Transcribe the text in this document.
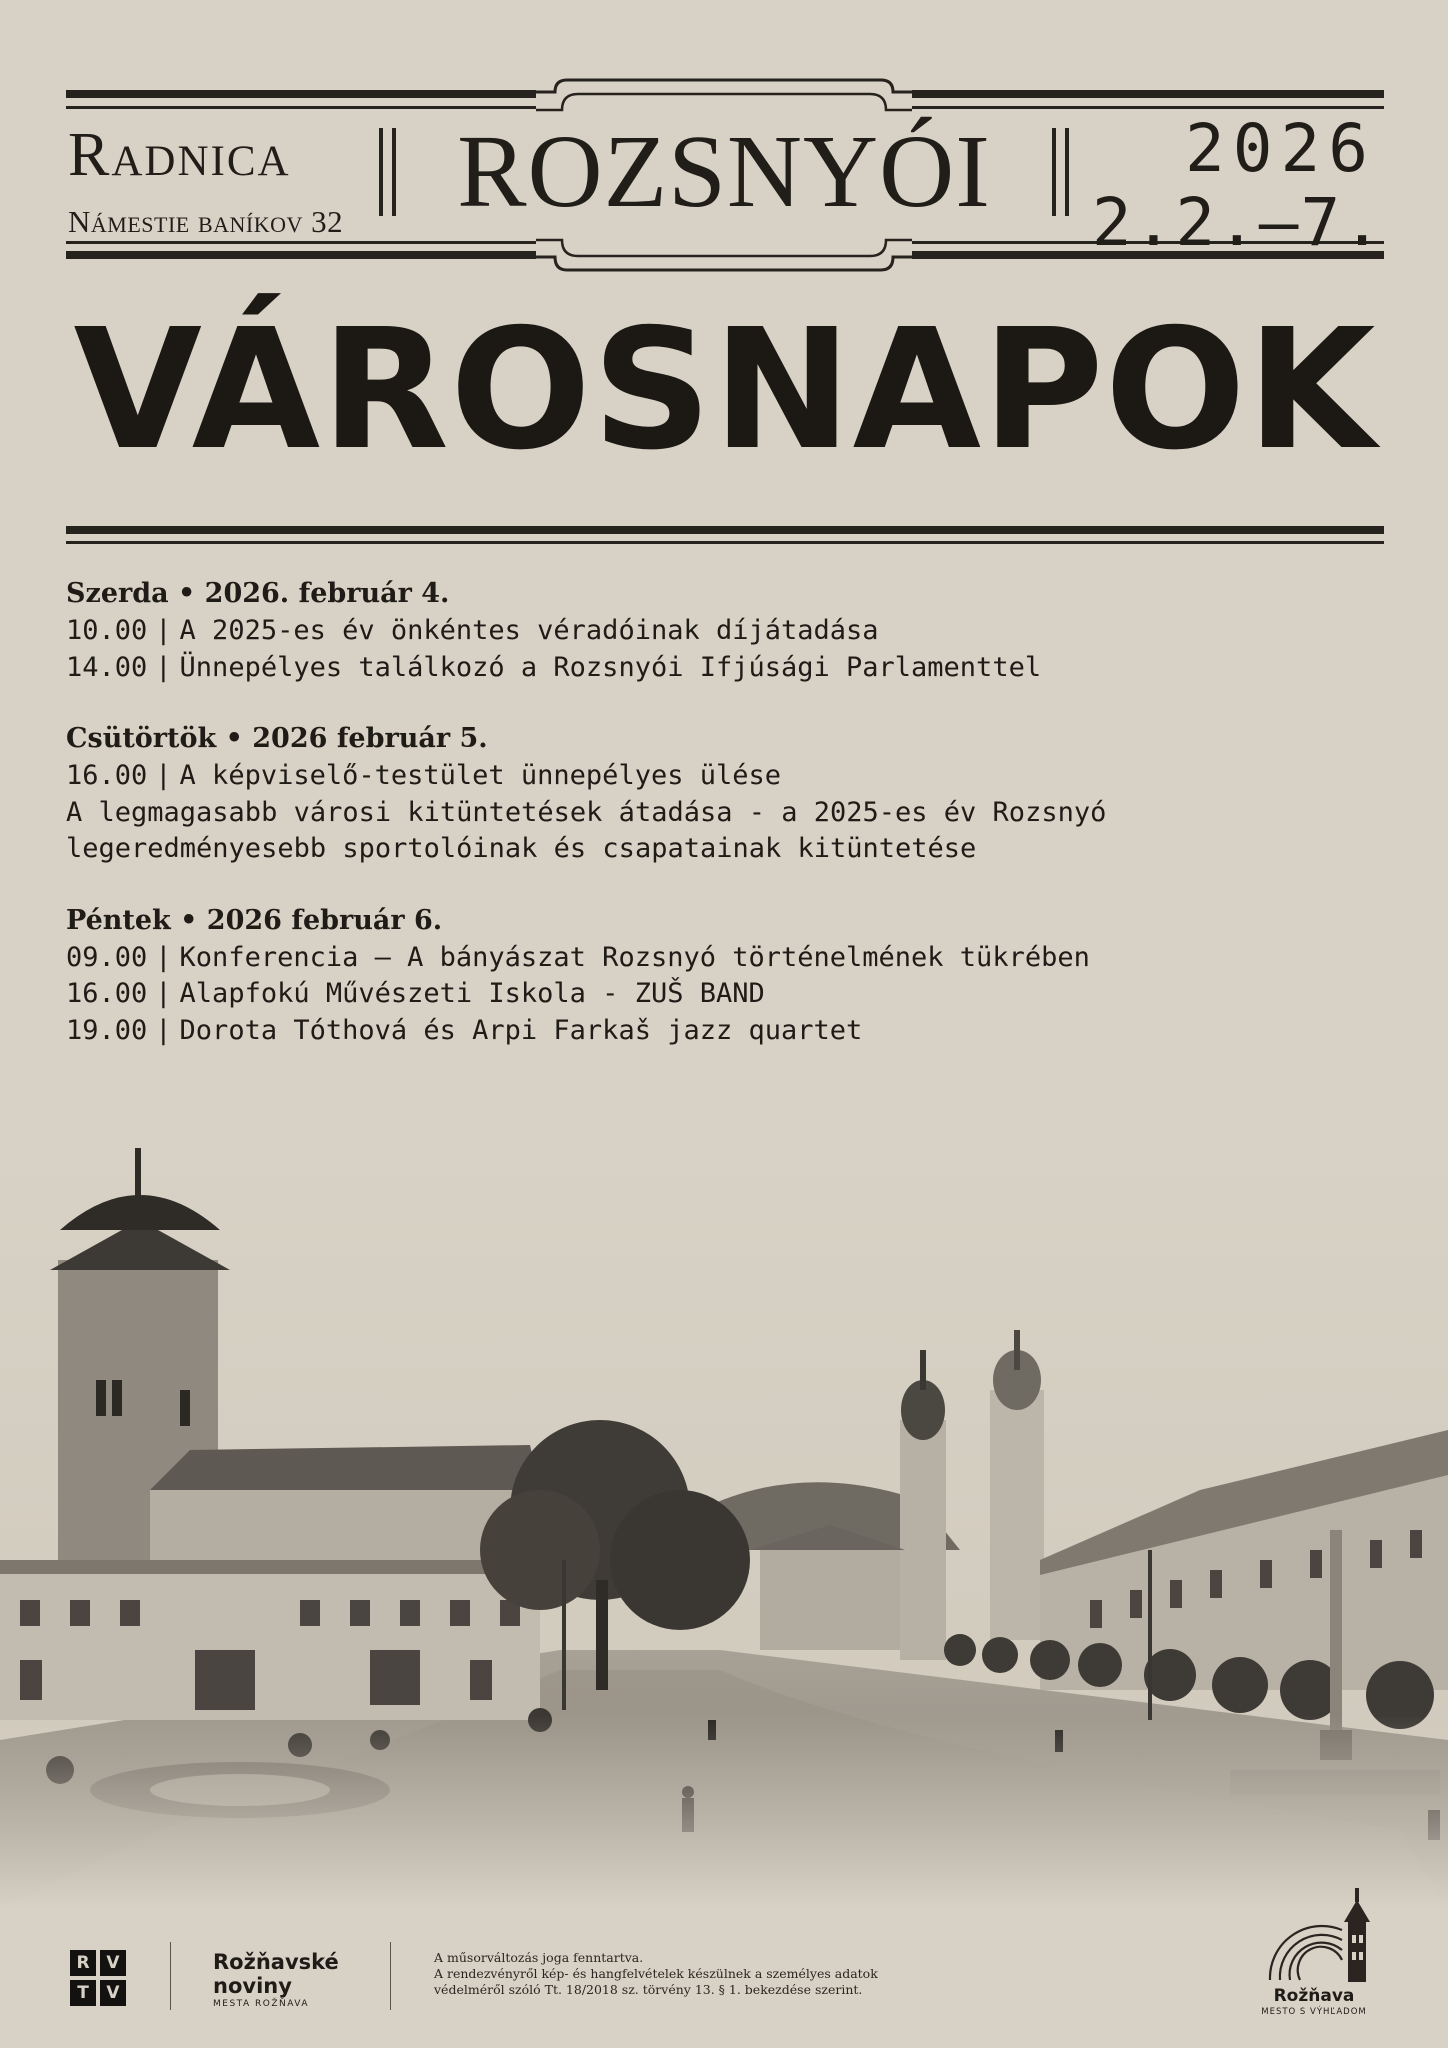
Radnica
Námestie baníkov 32	ROZSNYÓI	2026
2.2.–7.
VÁROSNAPOK
Szerda • 2026. február 4.
10.00 | A 2025-es év önkéntes véradóinak díjátadása
14.00 | Ünnepélyes találkozó a Rozsnyói Ifjúsági Parlamenttel
Csütörtök • 2026 február 5.
16.00 | A képviselő-testület ünnepélyes ülése
A legmagasabb városi kitüntetések átadása - a 2025-es év Rozsnyó
legeredményesebb sportolóinak és csapatainak kitüntetése
Péntek • 2026 február 6.
09.00 | Konferencia – A bányászat Rozsnyó történelmének tükrében
16.00 | Alapfokú Művészeti Iskola - ZUŠ BAND
19.00 | Dorota Tóthová és Arpi Farkaš jazz quartet
R V
T	V
Rožňavské
noviny
MESTA ROŽŇAVA
A műsorváltozás joga fenntartva.
A rendezvényről kép- és hangfelvételek készülnek a személyes adatok
védelméről szóló Tt. 18/2018 sz. törvény 13. § 1. bekezdése szerint.	Rožňava
MESTO S VÝHĽADOM
